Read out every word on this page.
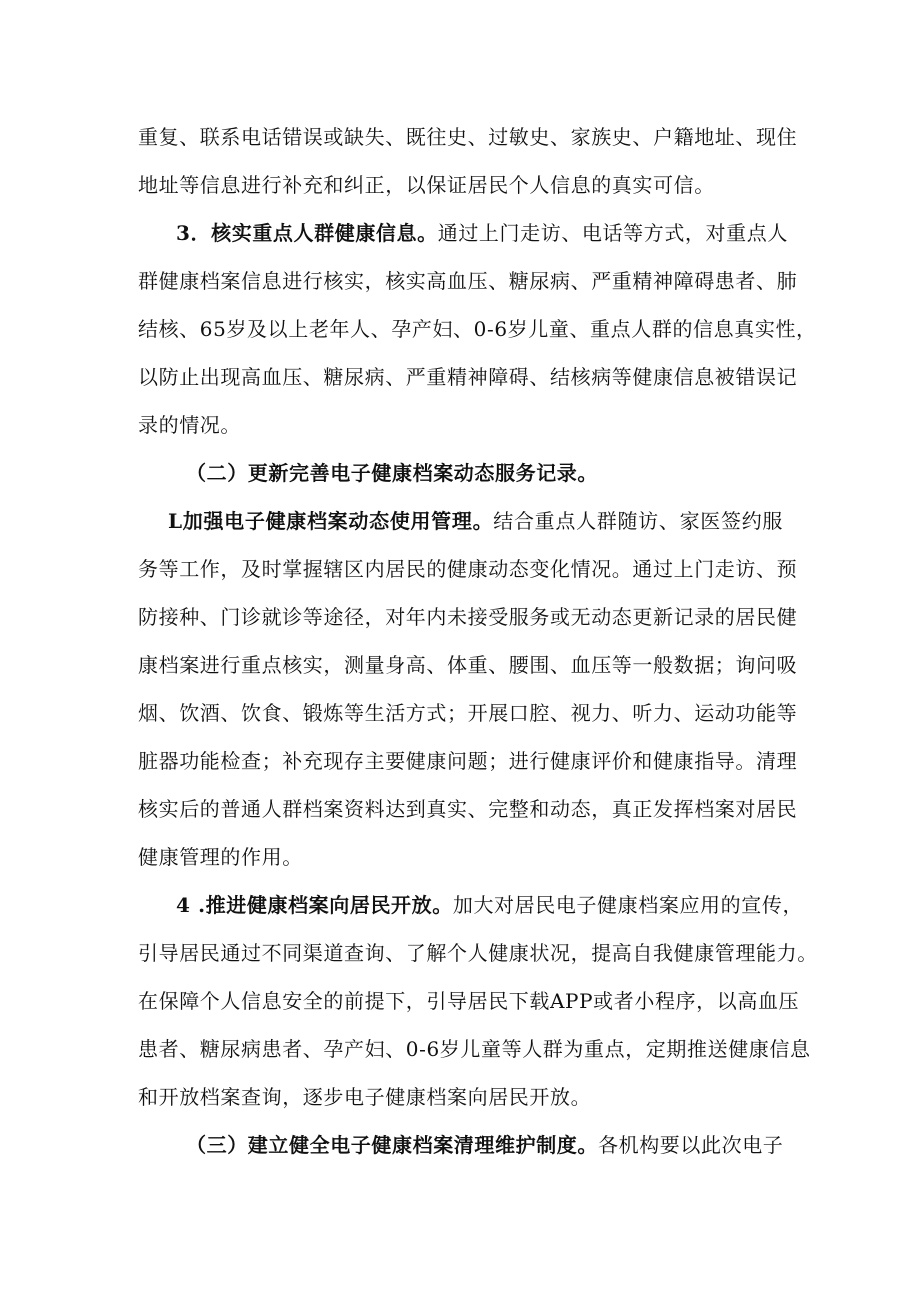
重复、联系电话错误或缺失、既往史、过敏史、家族史、户籍地址、现住
地址等信息进行补充和纠正，以保证居民个人信息的真实可信。
3．核实重点人群健康信息。通过上门走访、电话等方式，对重点人
群健康档案信息进行核实，核实高血压、糖尿病、严重精神障碍患者、肺
结核、65岁及以上老年人、孕产妇、0-6岁儿童、重点人群的信息真实性，
以防止出现高血压、糖尿病、严重精神障碍、结核病等健康信息被错误记
录的情况。
（二）更新完善电子健康档案动态服务记录。
L加强电子健康档案动态使用管理。结合重点人群随访、家医签约服
务等工作，及时掌握辖区内居民的健康动态变化情况。通过上门走访、预
防接种、门诊就诊等途径，对年内未接受服务或无动态更新记录的居民健
康档案进行重点核实，测量身高、体重、腰围、血压等一般数据；询问吸
烟、饮酒、饮食、锻炼等生活方式；开展口腔、视力、听力、运动功能等
脏器功能检查；补充现存主要健康问题；进行健康评价和健康指导。清理
核实后的普通人群档案资料达到真实、完整和动态，真正发挥档案对居民
健康管理的作用。
4 .推进健康档案向居民开放。加大对居民电子健康档案应用的宣传，
引导居民通过不同渠道查询、了解个人健康状况，提高自我健康管理能力。
在保障个人信息安全的前提下，引导居民下载APP或者小程序，以高血压
患者、糖尿病患者、孕产妇、0-6岁儿童等人群为重点，定期推送健康信息
和开放档案查询，逐步电子健康档案向居民开放。
（三）建立健全电子健康档案清理维护制度。各机构要以此次电子
